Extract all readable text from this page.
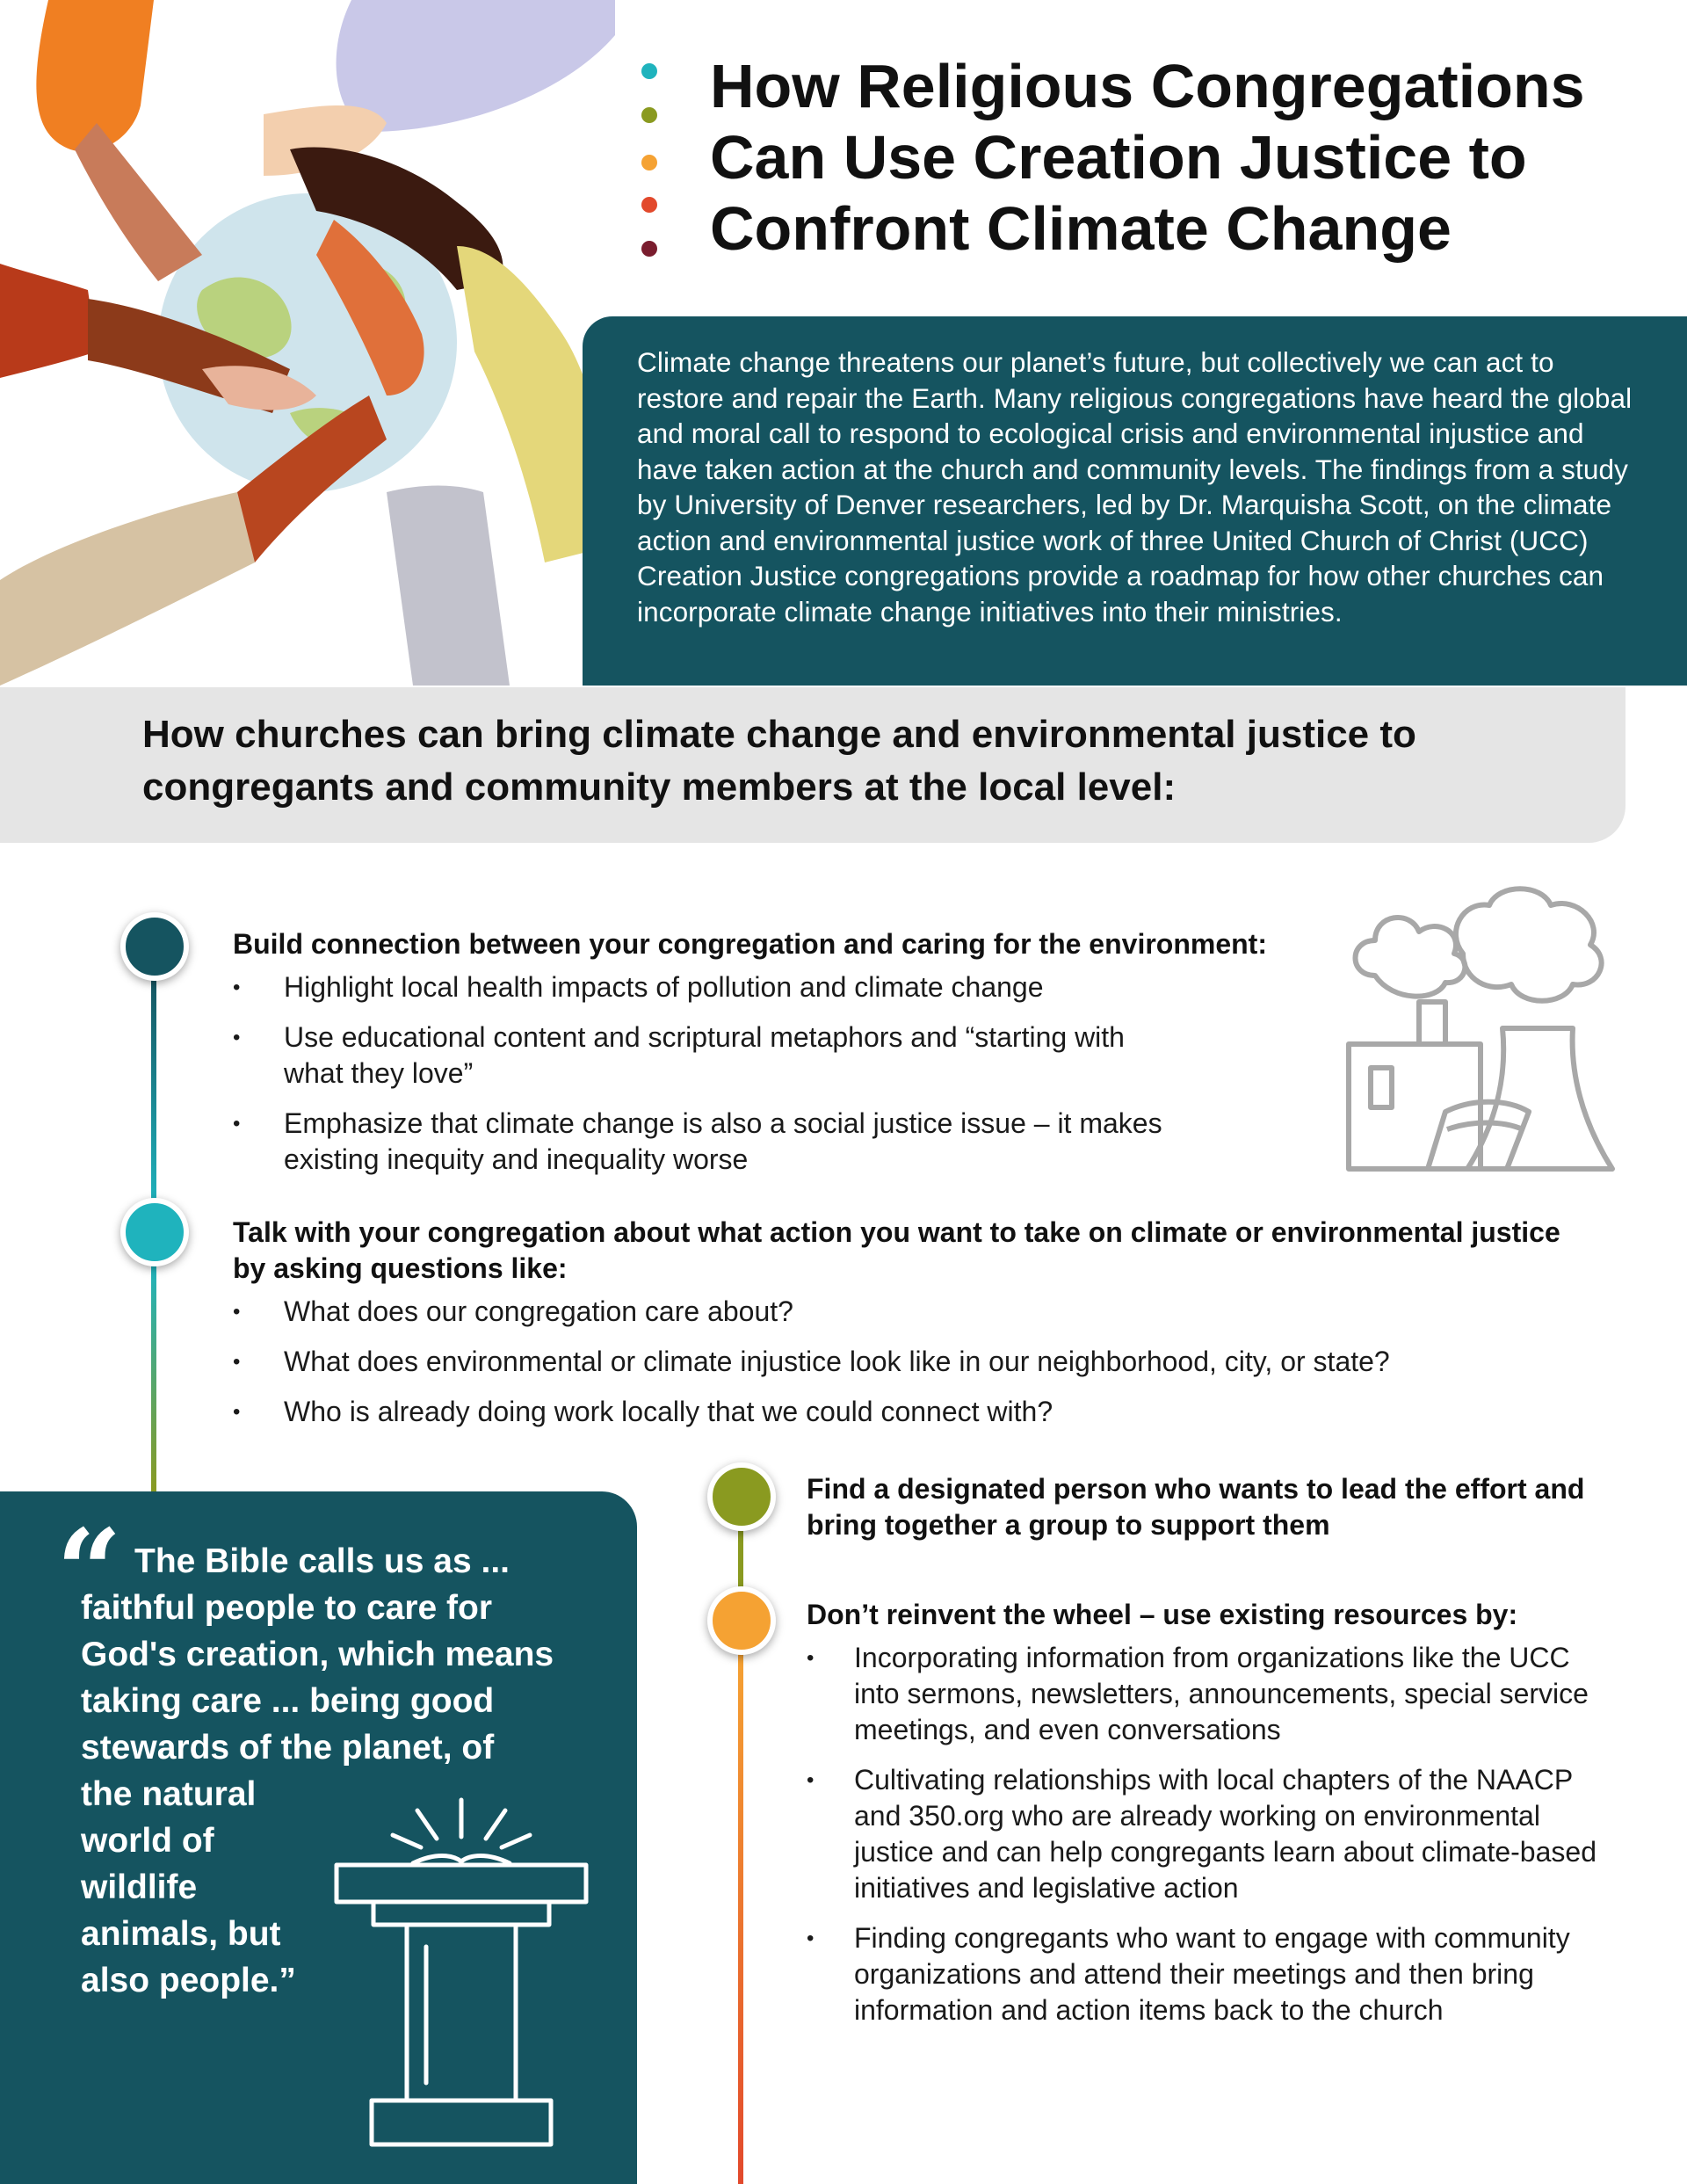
How Religious Congregations
Can Use Creation Justice to
Confront Climate Change

Climate change threatens our planet’s future, but collectively we can act to restore and repair the Earth. Many religious congregations have heard the global and moral call to respond to ecological crisis and environmental injustice and have taken action at the church and community levels. The findings from a study by University of Denver researchers, led by Dr. Marquisha Scott, on the climate action and environmental justice work of three United Church of Christ (UCC) Creation Justice congregations provide a roadmap for how other churches can incorporate climate change initiatives into their ministries.

How churches can bring climate change and environmental justice to congregants and community members at the local level:
Build connection between your congregation and caring for the environment:
• Highlight local health impacts of pollution and climate change
• Use educational content and scriptural metaphors and “starting with what they love”
• Emphasize that climate change is also a social justice issue – it makes existing inequity and inequality worse
Talk with your congregation about what action you want to take on climate or environmental justice by asking questions like:
• What does our congregation care about?
• What does environmental or climate injustice look like in our neighborhood, city, or state?
• Who is already doing work locally that we could connect with?
“ The Bible calls us as ...
faithful people to care for
God's creation, which means
taking care ... being good
stewards of the planet, of
the natural
world of
wildlife
animals, but
also people.”
Find a designated person who wants to lead the effort and bring together a group to support them
Don’t reinvent the wheel – use existing resources by:
• Incorporating information from organizations like the UCC into sermons, newsletters, announcements, special service meetings, and even conversations
• Cultivating relationships with local chapters of the NAACP and 350.org who are already working on environmental justice and can help congregants learn about climate-based initiatives and legislative action
• Finding congregants who want to engage with community organizations and attend their meetings and then bring information and action items back to the church
